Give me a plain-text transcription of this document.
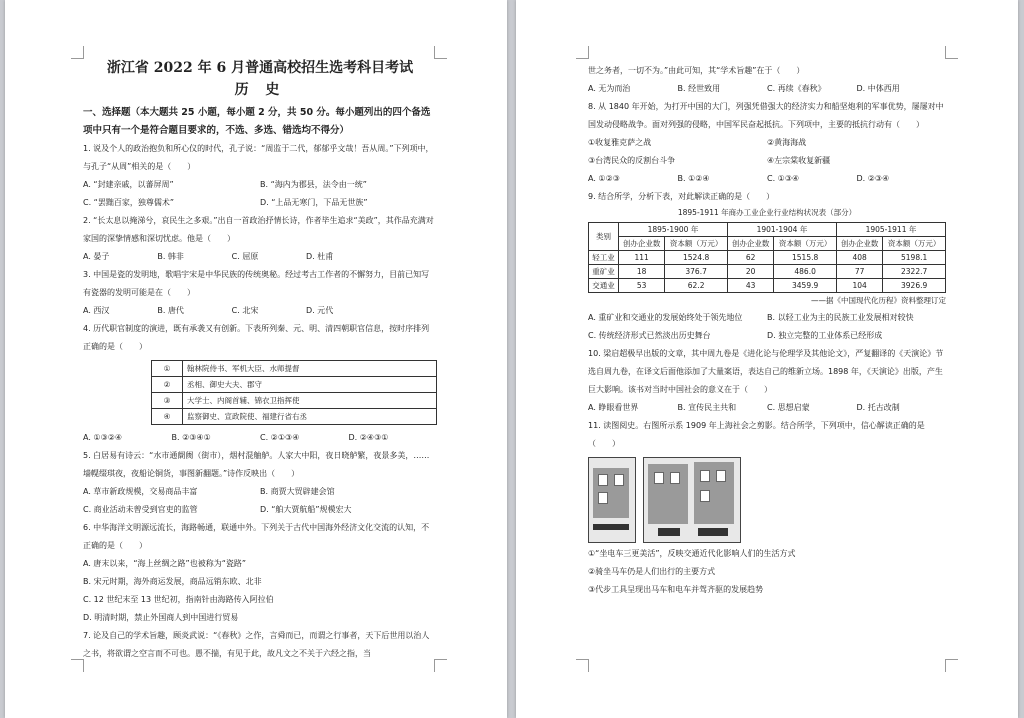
浙江省 2022 年 6 月普通高校招生选考科目考试

历 史

一、选择题（本大题共 25 小题，每小题 2 分，共 50 分。每小题列出的四个备选项中只有一个是符合题目要求的，不选、多选、错选均不得分）

1. 说及个人的政治抱负和所心仪的时代，孔子说：“周监于二代，郁郁乎文哉！吾从周。”下列项中，与孔子“从周”相关的是（　　）

A. “封建亲戚，以蕃屏周”	B. “海内为郡县，法令由一统”
C. “罢黜百家，独尊儒术”	D. “上品无寒门，下品无世族”

2. “长太息以掩涕兮，哀民生之多艰。”出自一首政治抒情长诗，作者毕生追求“美政”，其作品充满对家国的深挚情感和深切忧虑。他是（　　）

A. 晏子	B. 韩非	C. 屈原	D. 杜甫

3. 中国是瓷的发明地，歌唱宇宋是中华民族的传统奥秘。经过考古工作者的不懈努力，目前已知写有瓷器的发明可能是在（　　）

A. 西汉	B. 唐代	C. 北宋	D. 元代

4. 历代职官制度的演进，既有承袭又有创新。下表所列秦、元、明、清四朝职官信息，按时序排列正确的是（　　）

①	翰林院侍书、军机大臣、水师提督
②	丞相、御史大夫、郡守
③	大学士、内阁首辅、锦衣卫指挥使
④	监察御史、宣政院使、福建行省右丞
A. ①③②④	B. ②③④①	C. ②①③④	D. ②④③①

5. 白居易有诗云：“水市通阛阓（街市），烟村混舳舻。人家大中阳，夜日晓舻繁，夜景多美，……墙幌缀琪夜，夜船论铜货，事图新翻题。”诗作反映出（　　）

A. 草市新政规模，交易商品丰富	B. 商贾大贸辟建会馆
C. 商业活动未曾受到官吏的监管	D. “舶大贾航船”规模宏大

6. 中华海洋文明源远流长，海路畅通，联通中外。下列关于古代中国海外经济文化交流的认知，不正确的是（　　）

A. 唐末以来，“海上丝绸之路”也被称为“瓷路”

B. 宋元时期，海外商运发展，商品远销东欧、北非

C. 12 世纪末至 13 世纪初，指南针由海路传入阿拉伯

D. 明清时期，禁止外国商人到中国进行贸易

7. 论及自己的学术旨趣，顾炎武说：“《春秋》之作，言舜而已，而谓之行事者，天下后世用以治人之书，将欲谓之空言而不可也。愚不揣，有见于此，故凡文之不关于六经之指，当

世之务者，一切不为。”由此可知，其“学术旨趣”在于（　　）

A. 无为而治	B. 经世致用	C. 再续《春秋》	D. 中体西用

8. 从 1840 年开始，为打开中国的大门，列强凭借强大的经济实力和船坚炮利的军事优势，屡屡对中国发动侵略战争。面对列强的侵略，中国军民奋起抵抗。下列项中，主要的抵抗行动有（　　）

①收复雅克萨之战	②黄海海战
③台湾民众的反割台斗争	④左宗棠收复新疆
A. ①②③	B. ①②④	C. ①③④	D. ②③④

9. 结合所学，分析下表，对此解读正确的是（　　）

1895-1911 年商办工业企业行业结构状况表（部分）
类别	1895-1900 年		1901-1904 年		1905-1911 年	
	创办企业数	资本额（万元）	创办企业数	资本额（万元）	创办企业数	资本额（万元）
轻工业	111	1524.8	62	1515.8	408	5198.1
重矿业	18	376.7	20	486.0	77	2322.7
交通业	53	62.2	43	3459.9	104	3926.9
——据《中国现代化历程》资料整理订定
A. 重矿业和交通业的发展始终处于领先地位	B. 以轻工业为主的民族工业发展相对较快
C. 传统经济形式已然淡出历史舞台	D. 独立完整的工业体系已经形成

10. 梁启超极早出版的文章，其中周九卷是《进化论与伦理学及其他论文》，严复翻译的《天演论》节选自周九卷，在译文后面他添加了大量案语，表达自己的维新立场。1898 年，《天演论》出版，产生巨大影响。该书对当时中国社会的意义在于（　　）

A. 睁眼看世界	B. 宣传民主共和	C. 思想启蒙	D. 托古改制

11. 读图阅史。右图所示系 1909 年上海社会之剪影。结合所学，下列项中，信心解读正确的是（　　）

①“坐电车三更美活”，反映交通近代化影响人们的生活方式

②骑坐马车仍是人们出行的主要方式

③代步工具呈现出马车和电车并驾齐驱的发展趋势
